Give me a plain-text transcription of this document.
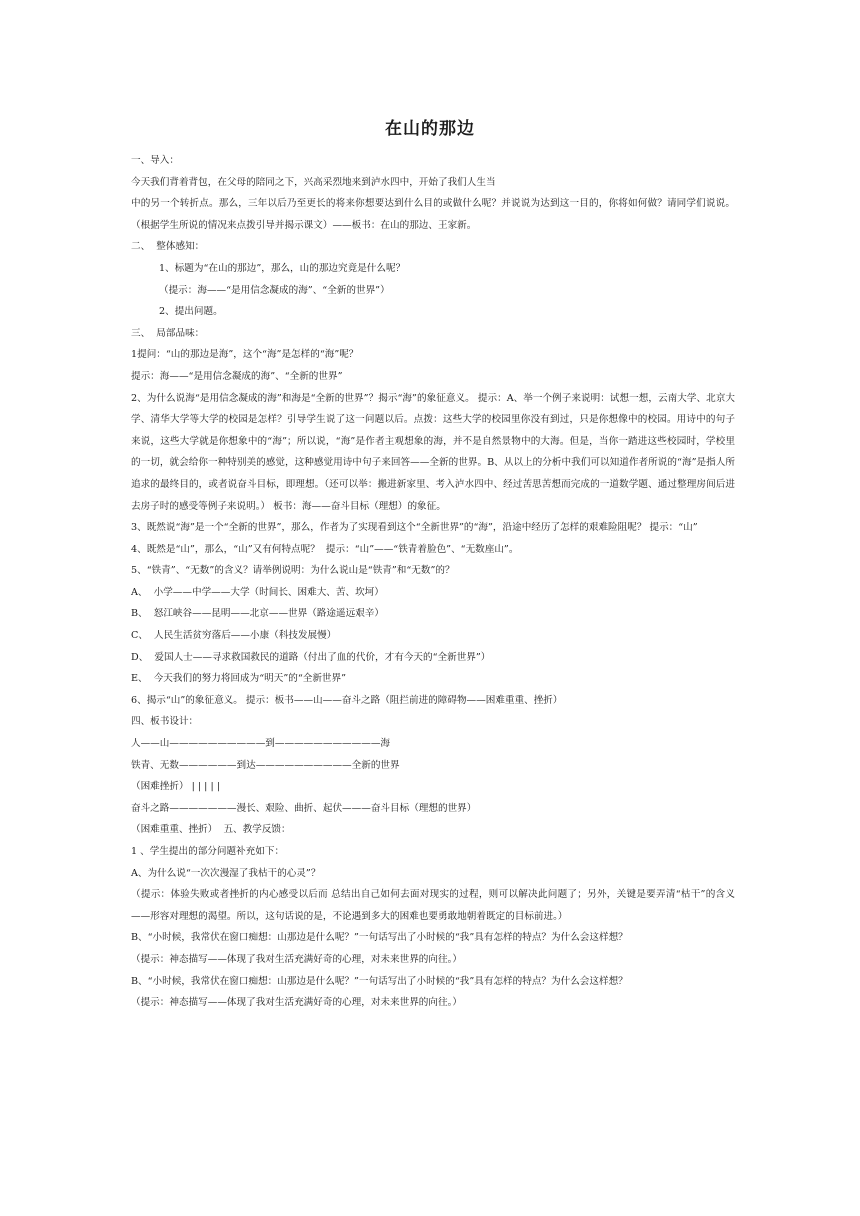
在山的那边

一、导入：

今天我们背着背包，在父母的陪同之下，兴高采烈地来到泸水四中，开始了我们人生当

中的另一个转折点。那么，三年以后乃至更长的将来你想要达到什么目的或做什么呢？并说说为达到这一目的，你将如何做？请同学们说说。（根据学生所说的情况来点拨引导并揭示课文）——板书：在山的那边、王家新。

二、  整体感知：

1、标题为“在山的那边”，那么，山的那边究竟是什么呢？

（提示：海——“是用信念凝成的海”、“全新的世界”）

2、提出问题。

三、  局部品味：

1提问：“山的那边是海”，这个“海”是怎样的“海”呢？

提示：海——“是用信念凝成的海”、“全新的世界”

2、为什么说海“是用信念凝成的海”和海是“全新的世界”？揭示“海”的象征意义。 提示：A、举一个例子来说明：试想一想，云南大学、北京大学、清华大学等大学的校园是怎样？引导学生说了这一问题以后。点拨：这些大学的校园里你没有到过，只是你想像中的校园。用诗中的句子来说，这些大学就是你想象中的“海”；所以说，“海”是作者主观想象的海，并不是自然景物中的大海。但是，当你一踏进这些校园时，学校里的一切，就会给你一种特别美的感觉，这种感觉用诗中句子来回答——全新的世界。B、从以上的分析中我们可以知道作者所说的“海”是指人所追求的最终目的，或者说奋斗目标，即理想。（还可以举：搬进新家里、考入泸水四中、经过苦思苦想而完成的一道数学题、通过整理房间后进去房子时的感受等例子来说明。） 板书：海——奋斗目标（理想）的象征。

3、既然说“海”是一个“全新的世界”，那么，作者为了实现看到这个“全新世界”的“海”，沿途中经历了怎样的艰难险阻呢？ 提示：“山”

4、既然是“山”，那么，“山”又有何特点呢？  提示：“山”——“铁青着脸色”、“无数座山”。

5、“铁青”、“无数”的含义？请举例说明：为什么说山是“铁青”和“无数”的？

A、  小学——中学——大学（时间长、困难大、苦、坎坷）

B、  怒江峡谷——昆明——北京——世界（路途遥远艰辛）

C、  人民生活贫穷落后——小康（科技发展慢）

D、  爱国人士——寻求救国救民的道路（付出了血的代价，才有今天的“全新世界”）

E、  今天我们的努力将回成为“明天”的“全新世界”

6、揭示“山”的象征意义。 提示：板书——山——奋斗之路（阻拦前进的障碍物——困难重重、挫折）

四、板书设计：

人——山——————————到———————————海

铁青、无数——————到达——————————全新的世界

（困难挫折） | | | | |

奋斗之路———————漫长、艰险、曲折、起伏———奋斗目标（理想的世界）

（困难重重、挫折）  五、教学反馈：

1 、学生提出的部分问题补充如下：

A、为什么说“一次次漫湿了我枯干的心灵”？

（提示：体验失败或者挫折的内心感受以后而 总结出自己如何去面对现实的过程，则可以解决此问题了；另外，关键是要弄清“枯干”的含义——形容对理想的渴望。所以，这句话说的是，不论遇到多大的困难也要勇敢地朝着既定的目标前进。）

B、“小时候，我常伏在窗口痴想：山那边是什么呢？”一句话写出了小时候的“我”具有怎样的特点？为什么会这样想？

（提示：神态描写——体现了我对生活充满好奇的心理，对未来世界的向往。）

B、“小时候，我常伏在窗口痴想：山那边是什么呢？”一句话写出了小时候的“我”具有怎样的特点？为什么会这样想？

（提示：神态描写——体现了我对生活充满好奇的心理，对未来世界的向往。）
